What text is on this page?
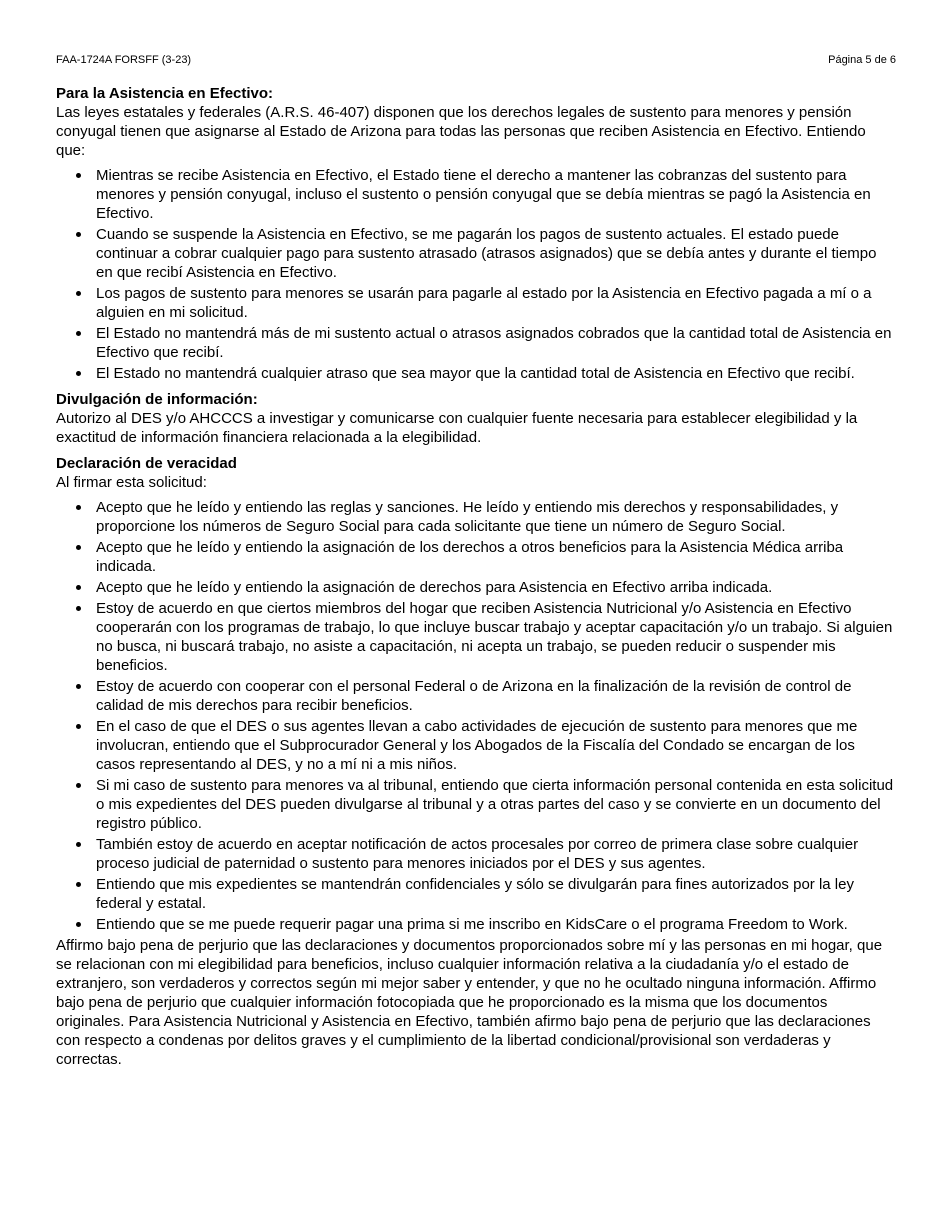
FAA-1724A FORSFF (3-23)	Página 5 de 6

Para la Asistencia en Efectivo:

Las leyes estatales y federales (A.R.S. 46-407) disponen que los derechos legales de sustento para menores y pensión conyugal tienen que asignarse al Estado de Arizona para todas las personas que reciben Asistencia en Efectivo. Entiendo que:

Mientras se recibe Asistencia en Efectivo, el Estado tiene el derecho a mantener las cobranzas del sustento para menores y pensión conyugal, incluso el sustento o pensión conyugal que se debía mientras se pagó la Asistencia en Efectivo.
Cuando se suspende la Asistencia en Efectivo, se me pagarán los pagos de sustento actuales. El estado puede continuar a cobrar cualquier pago para sustento atrasado (atrasos asignados) que se debía antes y durante el tiempo en que recibí Asistencia en Efectivo.
Los pagos de sustento para menores se usarán para pagarle al estado por la Asistencia en Efectivo pagada a mí o a alguien en mi solicitud.
El Estado no mantendrá más de mi sustento actual o atrasos asignados cobrados que la cantidad total de Asistencia en Efectivo que recibí.
El Estado no mantendrá cualquier atraso que sea mayor que la cantidad total de Asistencia en Efectivo que recibí.

Divulgación de información:

Autorizo al DES y/o AHCCCS a investigar y comunicarse con cualquier fuente necesaria para establecer elegibilidad y la exactitud de información financiera relacionada a la elegibilidad.

Declaración de veracidad

Al firmar esta solicitud:

Acepto que he leído y entiendo las reglas y sanciones. He leído y entiendo mis derechos y responsabilidades, y proporcione los números de Seguro Social para cada solicitante que tiene un número de Seguro Social.
Acepto que he leído y entiendo la asignación de los derechos a otros beneficios para la Asistencia Médica arriba indicada.
Acepto que he leído y entiendo la asignación de derechos para Asistencia en Efectivo arriba indicada.
Estoy de acuerdo en que ciertos miembros del hogar que reciben Asistencia Nutricional y/o Asistencia en Efectivo cooperarán con los programas de trabajo, lo que incluye buscar trabajo y aceptar capacitación y/o un trabajo. Si alguien no busca, ni buscará trabajo, no asiste a capacitación, ni acepta un trabajo, se pueden reducir o suspender mis beneficios.
Estoy de acuerdo con cooperar con el personal Federal o de Arizona en la finalización de la revisión de control de calidad de mis derechos para recibir beneficios.
En el caso de que el DES o sus agentes llevan a cabo actividades de ejecución de sustento para menores que me involucran, entiendo que el Subprocurador General y los Abogados de la Fiscalía del Condado se encargan de los casos representando al DES, y no a mí ni a mis niños.
Si mi caso de sustento para menores va al tribunal, entiendo que cierta información personal contenida en esta solicitud o mis expedientes del DES pueden divulgarse al tribunal y a otras partes del caso y se convierte en un documento del registro público.
También estoy de acuerdo en aceptar notificación de actos procesales por correo de primera clase sobre cualquier proceso judicial de paternidad o sustento para menores iniciados por el DES y sus agentes.
Entiendo que mis expedientes se mantendrán confidenciales y sólo se divulgarán para fines autorizados por la ley federal y estatal.
Entiendo que se me puede requerir pagar una prima si me inscribo en KidsCare o el programa Freedom to Work.

Affirmo bajo pena de perjurio que las declaraciones y documentos proporcionados sobre mí y las personas en mi hogar, que se relacionan con mi elegibilidad para beneficios, incluso cualquier información relativa a la ciudadanía y/o el estado de extranjero, son verdaderos y correctos según mi mejor saber y entender, y que no he ocultado ninguna información. Affirmo bajo pena de perjurio que cualquier información fotocopiada que he proporcionado es la misma que los documentos originales. Para Asistencia Nutricional y Asistencia en Efectivo, también afirmo bajo pena de perjurio que las declaraciones con respecto a condenas por delitos graves y el cumplimiento de la libertad condicional/provisional son verdaderas y correctas.
